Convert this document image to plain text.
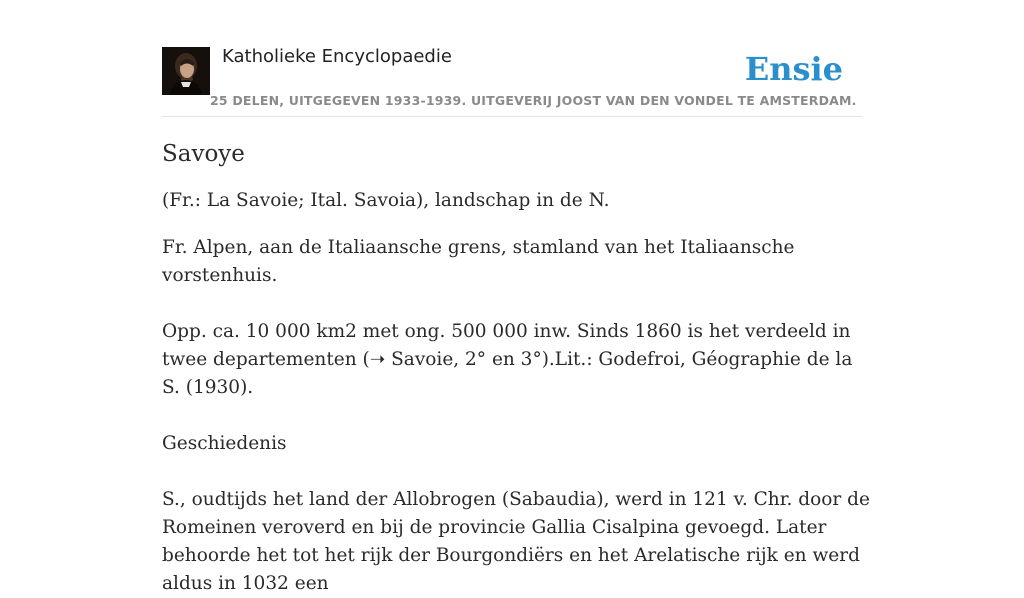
Katholieke Encyclopaedie	Ensie
25 DELEN, UITGEGEVEN 1933-1939. UITGEVERIJ JOOST VAN DEN VONDEL TE AMSTERDAM.
Savoye

(Fr.: La Savoie; Ital. Savoia), landschap in de N.

Fr. Alpen, aan de Italiaansche grens, stamland van het Italiaansche vorstenhuis.

Opp. ca. 10 000 km2 met ong. 500 000 inw. Sinds 1860 is het verdeeld in twee departementen (➝ Savoie, 2° en 3°).Lit.: Godefroi, Géographie de la S. (1930).

Geschiedenis

S., oudtijds het land der Allobrogen (Sabaudia), werd in 121 v. Chr. door de Romeinen veroverd en bij de provincie Gallia Cisalpina gevoegd. Later behoorde het tot het rijk der Bourgondiërs en het Arelatische rijk en werd aldus in 1032 een
